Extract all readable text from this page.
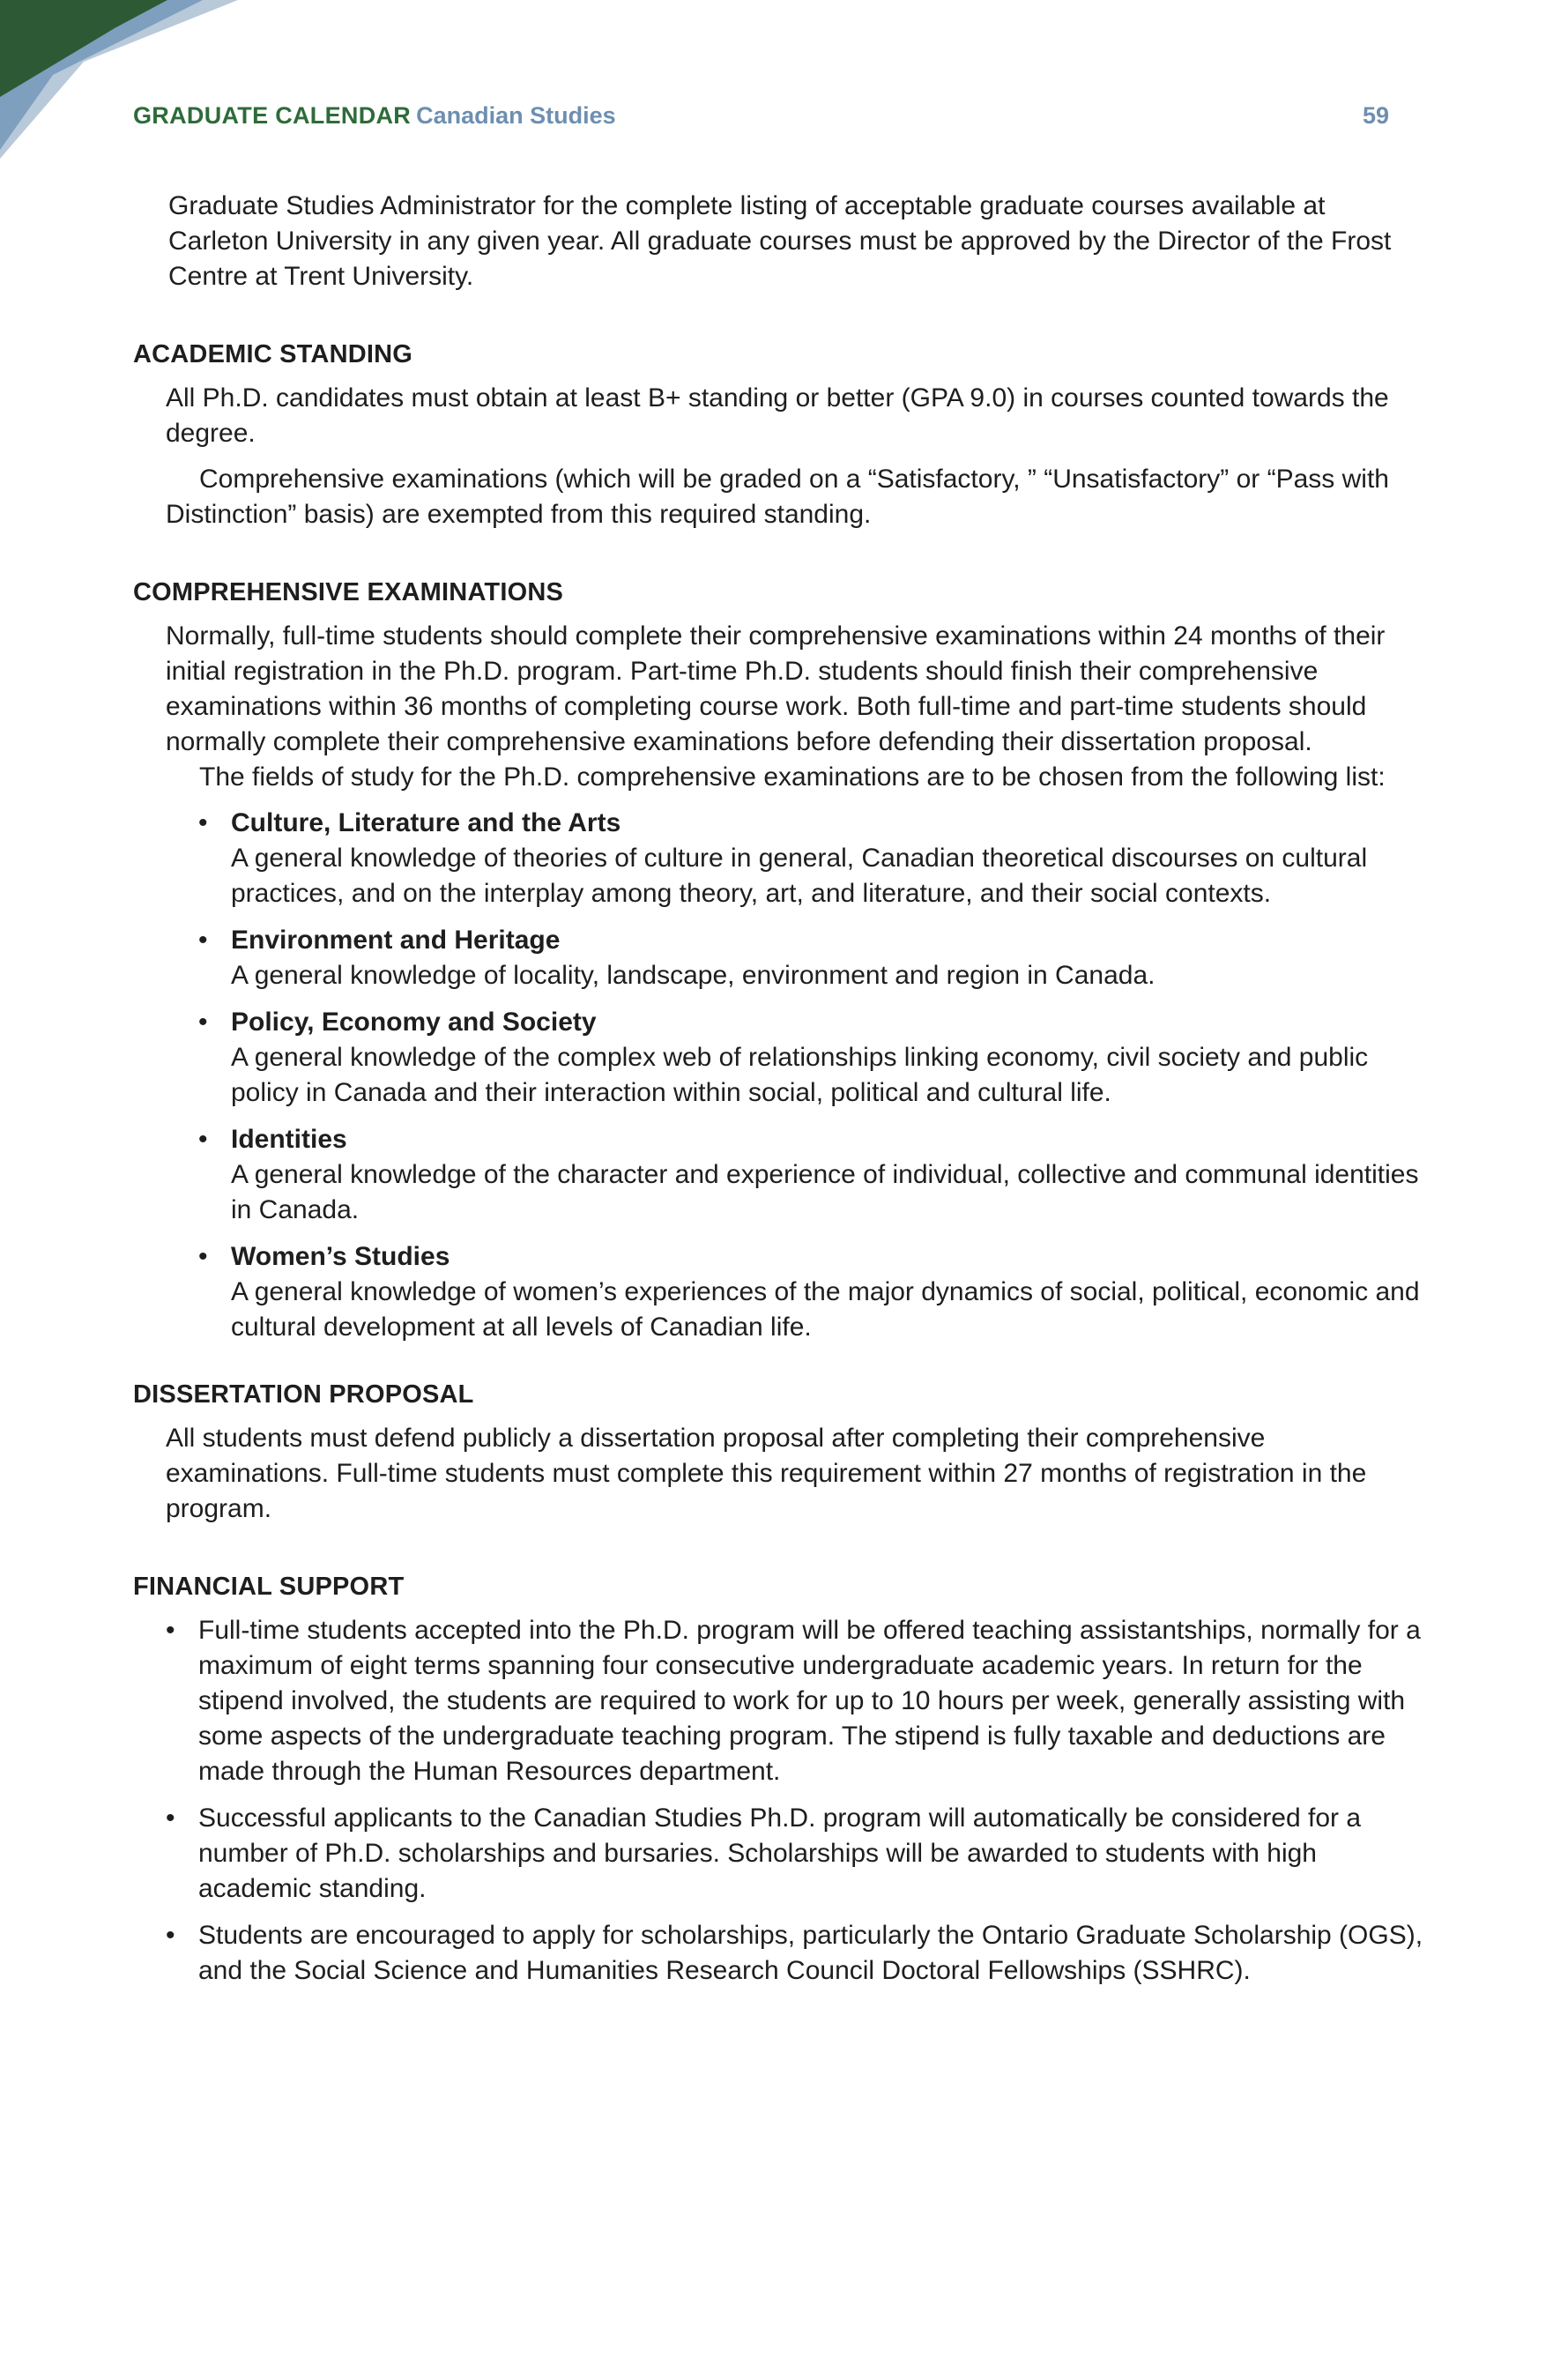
GRADUATE CALENDAR Canadian Studies	59

Graduate Studies Administrator for the complete listing of acceptable graduate courses available at Carleton University in any given year. All graduate courses must be approved by the Director of the Frost Centre at Trent University.

ACADEMIC STANDING

All Ph.D. candidates must obtain at least B+ standing or better (GPA 9.0) in courses counted towards the degree.

Comprehensive examinations (which will be graded on a “Satisfactory, ” “Unsatisfactory” or “Pass with Distinction” basis) are exempted from this required standing.

COMPREHENSIVE EXAMINATIONS

Normally, full-time students should complete their comprehensive examinations within 24 months of their initial registration in the Ph.D. program. Part-time Ph.D. students should finish their comprehensive examinations within 36 months of completing course work. Both full-time and part-time students should normally complete their comprehensive examinations before defending their dissertation proposal.

The fields of study for the Ph.D. comprehensive examinations are to be chosen from the following list:

• Culture, Literature and the Arts
A general knowledge of theories of culture in general, Canadian theoretical discourses on cultural practices, and on the interplay among theory, art, and literature, and their social contexts.
• Environment and Heritage
A general knowledge of locality, landscape, environment and region in Canada.
• Policy, Economy and Society
A general knowledge of the complex web of relationships linking economy, civil society and public policy in Canada and their interaction within social, political and cultural life.
• Identities
A general knowledge of the character and experience of individual, collective and communal identities in Canada.
• Women’s Studies
A general knowledge of women’s experiences of the major dynamics of social, political, economic and cultural development at all levels of Canadian life.
DISSERTATION PROPOSAL

All students must defend publicly a dissertation proposal after completing their comprehensive examinations. Full-time students must complete this requirement within 27 months of registration in the program.

FINANCIAL SUPPORT
• Full-time students accepted into the Ph.D. program will be offered teaching assistantships, normally for a maximum of eight terms spanning four consecutive undergraduate academic years. In return for the stipend involved, the students are required to work for up to 10 hours per week, generally assisting with some aspects of the undergraduate teaching program. The stipend is fully taxable and deductions are made through the Human Resources department.
• Successful applicants to the Canadian Studies Ph.D. program will automatically be considered for a number of Ph.D. scholarships and bursaries. Scholarships will be awarded to students with high academic standing.
• Students are encouraged to apply for scholarships, particularly the Ontario Graduate Scholarship (OGS), and the Social Science and Humanities Research Council Doctoral Fellowships (SSHRC).
